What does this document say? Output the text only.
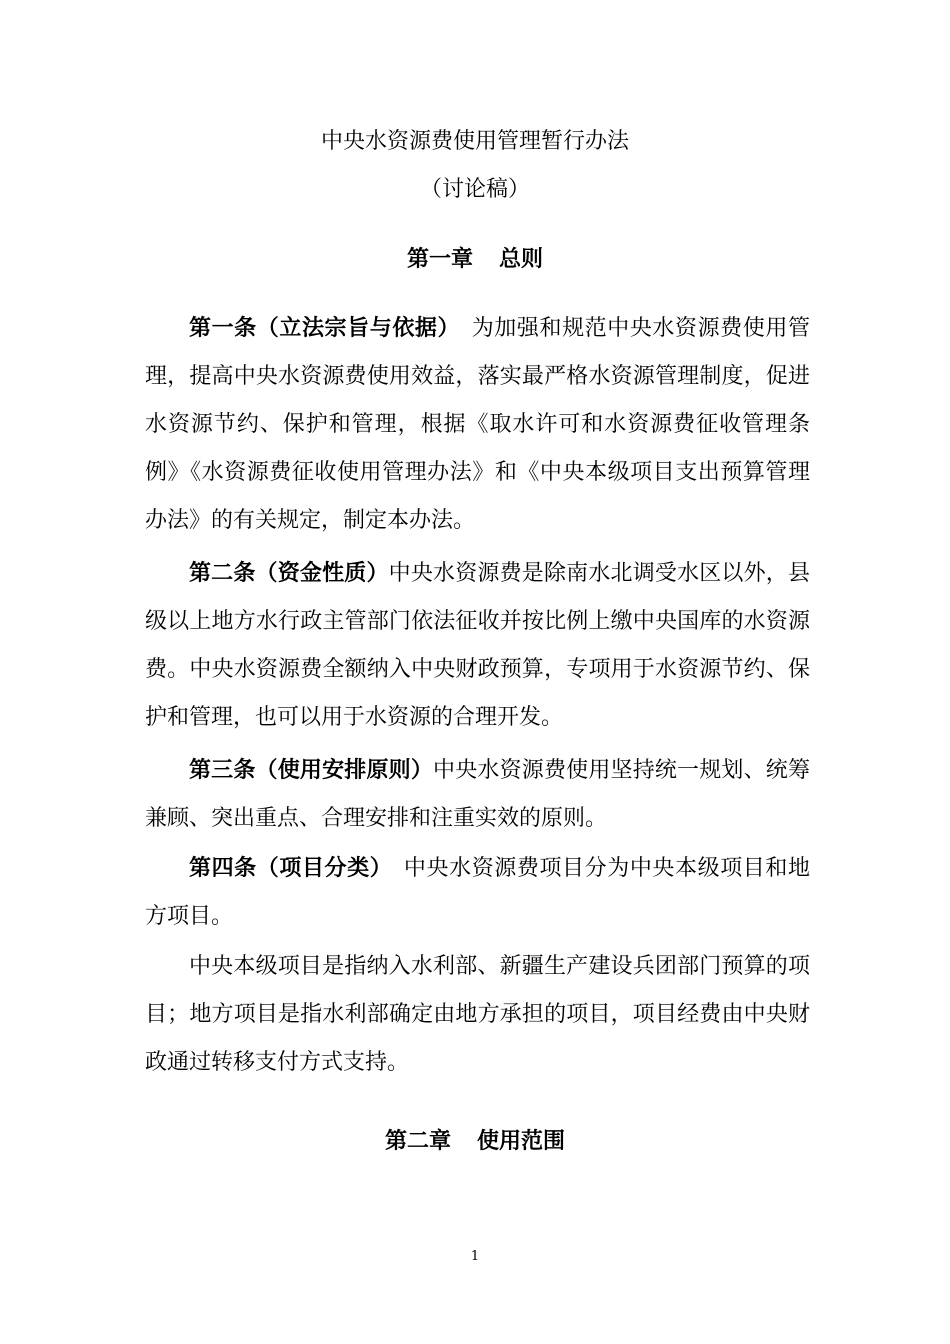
中央水资源费使用管理暂行办法
（讨论稿）
第一章 总则
第一条（立法宗旨与依据）　为加强和规范中央水资源费使用管理，提高中央水资源费使用效益，落实最严格水资源管理制度，促进水资源节约、保护和管理，根据《取水许可和水资源费征收管理条例》《水资源费征收使用管理办法》和《中央本级项目支出预算管理办法》的有关规定，制定本办法。
第二条（资金性质）中央水资源费是除南水北调受水区以外，县级以上地方水行政主管部门依法征收并按比例上缴中央国库的水资源费。中央水资源费全额纳入中央财政预算，专项用于水资源节约、保护和管理，也可以用于水资源的合理开发。
第三条（使用安排原则）中央水资源费使用坚持统一规划、统筹兼顾、突出重点、合理安排和注重实效的原则。
第四条（项目分类）　中央水资源费项目分为中央本级项目和地方项目。
中央本级项目是指纳入水利部、新疆生产建设兵团部门预算的项目；地方项目是指水利部确定由地方承担的项目，项目经费由中央财政通过转移支付方式支持。
第二章 使用范围
1
